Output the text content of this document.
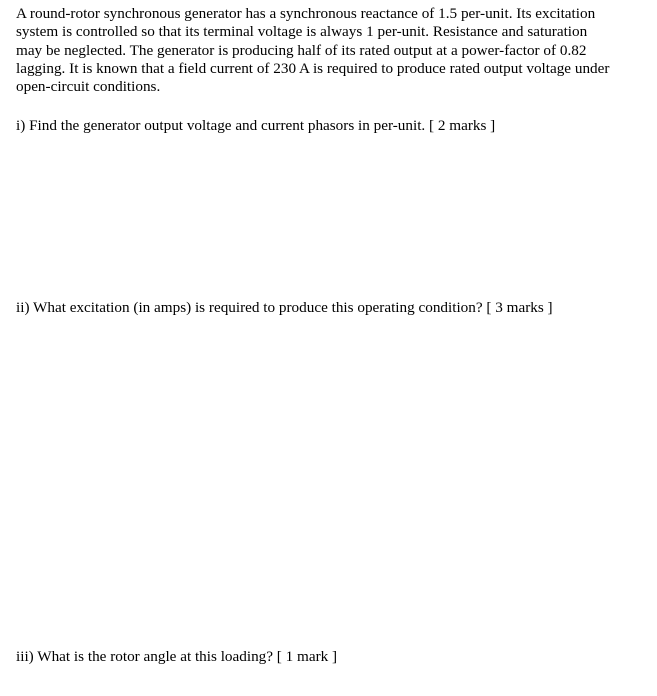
A round-rotor synchronous generator has a synchronous reactance of 1.5 per-unit. Its excitation
system is controlled so that its terminal voltage is always 1 per-unit. Resistance and saturation
may be neglected. The generator is producing half of its rated output at a power-factor of 0.82
lagging. It is known that a field current of 230 A is required to produce rated output voltage under
open-circuit conditions.

i) Find the generator output voltage and current phasors in per-unit. [ 2 marks ]

ii) What excitation (in amps) is required to produce this operating condition? [ 3 marks ]

iii) What is the rotor angle at this loading? [ 1 mark ]
